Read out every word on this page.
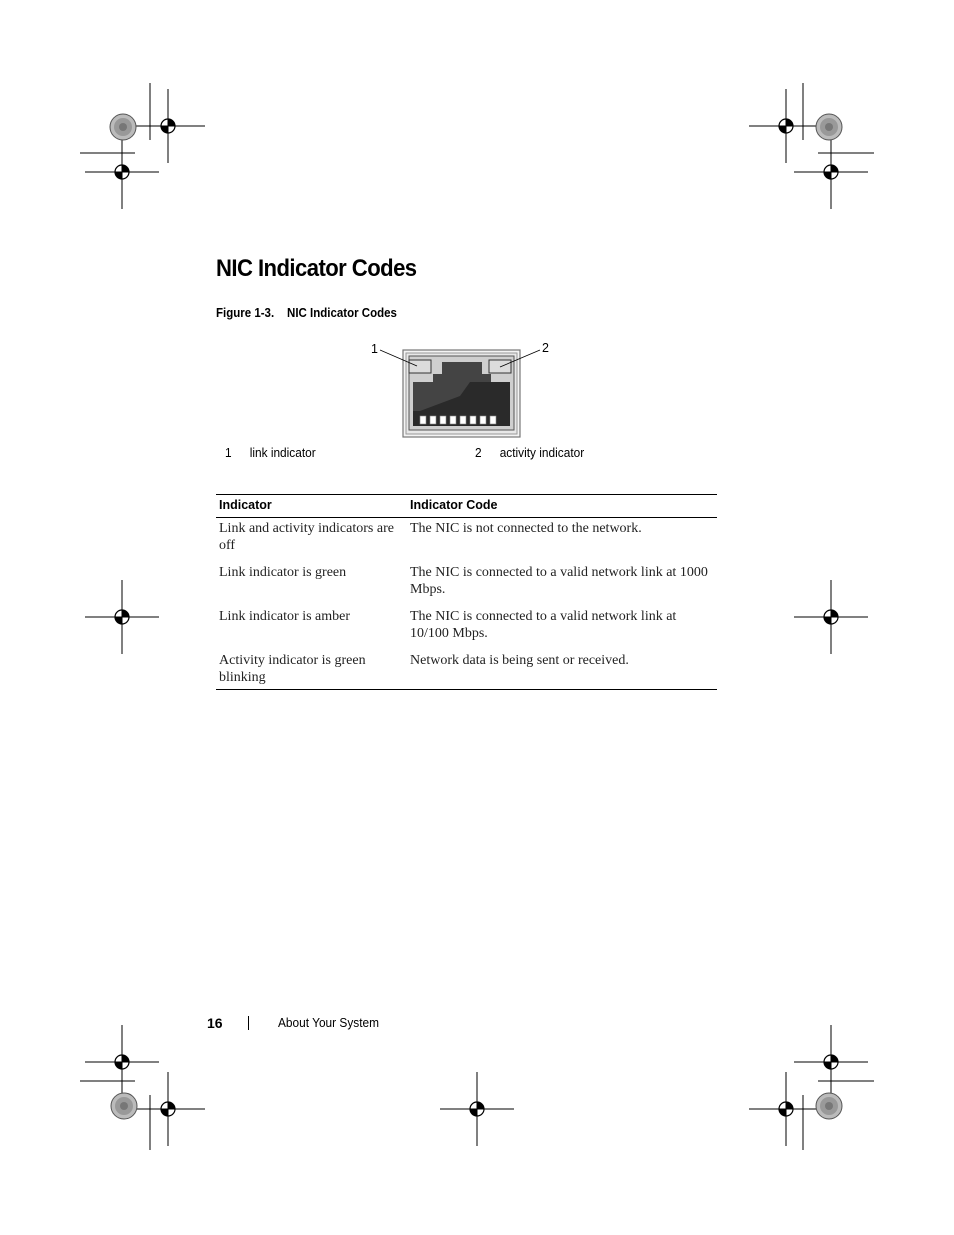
NIC Indicator Codes
Figure 1-3. NIC Indicator Codes
1	2
1 link indicator	2 activity indicator
Indicator	Indicator Code
Link and activity indicators are off	The NIC is not connected to the network.
Link indicator is green	The NIC is connected to a valid network link at 1000 Mbps.
Link indicator is amber	The NIC is connected to a valid network link at 10/100 Mbps.
Activity indicator is green blinking	Network data is being sent or received.
16	About Your System
